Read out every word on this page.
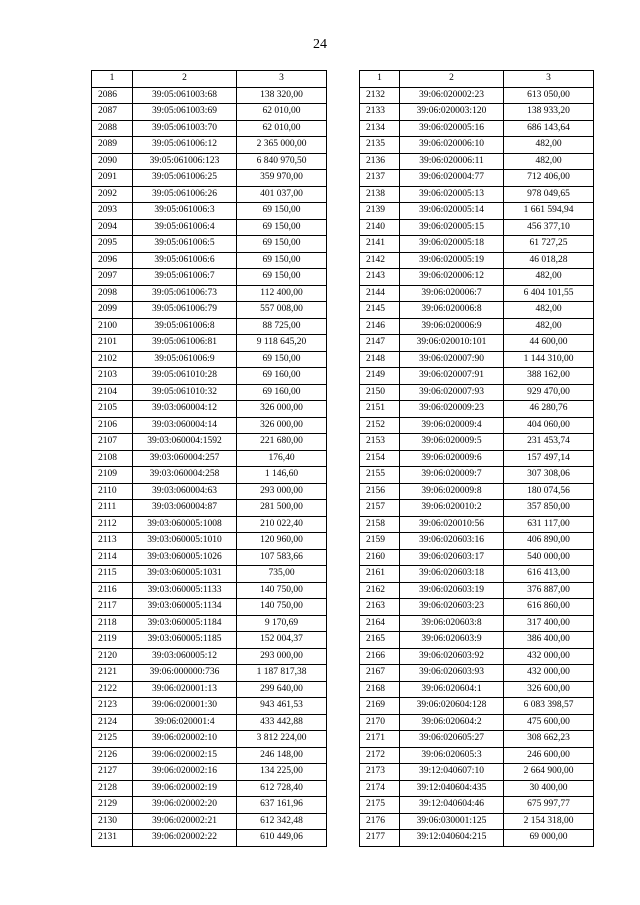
24
1	2	3
2086	39:05:061003:68	138 320,00
2087	39:05:061003:69	62 010,00
2088	39:05:061003:70	62 010,00
2089	39:05:061006:12	2 365 000,00
2090	39:05:061006:123	6 840 970,50
2091	39:05:061006:25	359 970,00
2092	39:05:061006:26	401 037,00
2093	39:05:061006:3	69 150,00
2094	39:05:061006:4	69 150,00
2095	39:05:061006:5	69 150,00
2096	39:05:061006:6	69 150,00
2097	39:05:061006:7	69 150,00
2098	39:05:061006:73	112 400,00
2099	39:05:061006:79	557 008,00
2100	39:05:061006:8	88 725,00
2101	39:05:061006:81	9 118 645,20
2102	39:05:061006:9	69 150,00
2103	39:05:061010:28	69 160,00
2104	39:05:061010:32	69 160,00
2105	39:03:060004:12	326 000,00
2106	39:03:060004:14	326 000,00
2107	39:03:060004:1592	221 680,00
2108	39:03:060004:257	176,40
2109	39:03:060004:258	1 146,60
2110	39:03:060004:63	293 000,00
2111	39:03:060004:87	281 500,00
2112	39:03:060005:1008	210 022,40
2113	39:03:060005:1010	120 960,00
2114	39:03:060005:1026	107 583,66
2115	39:03:060005:1031	735,00
2116	39:03:060005:1133	140 750,00
2117	39:03:060005:1134	140 750,00
2118	39:03:060005:1184	9 170,69
2119	39:03:060005:1185	152 004,37
2120	39:03:060005:12	293 000,00
2121	39:06:000000:736	1 187 817,38
2122	39:06:020001:13	299 640,00
2123	39:06:020001:30	943 461,53
2124	39:06:020001:4	433 442,88
2125	39:06:020002:10	3 812 224,00
2126	39:06:020002:15	246 148,00
2127	39:06:020002:16	134 225,00
2128	39:06:020002:19	612 728,40
2129	39:06:020002:20	637 161,96
2130	39:06:020002:21	612 342,48
2131	39:06:020002:22	610 449,06
1	2	3
2132	39:06:020002:23	613 050,00
2133	39:06:020003:120	138 933,20
2134	39:06:020005:16	686 143,64
2135	39:06:020006:10	482,00
2136	39:06:020006:11	482,00
2137	39:06:020004:77	712 406,00
2138	39:06:020005:13	978 049,65
2139	39:06:020005:14	1 661 594,94
2140	39:06:020005:15	456 377,10
2141	39:06:020005:18	61 727,25
2142	39:06:020005:19	46 018,28
2143	39:06:020006:12	482,00
2144	39:06:020006:7	6 404 101,55
2145	39:06:020006:8	482,00
2146	39:06:020006:9	482,00
2147	39:06:020010:101	44 600,00
2148	39:06:020007:90	1 144 310,00
2149	39:06:020007:91	388 162,00
2150	39:06:020007:93	929 470,00
2151	39:06:020009:23	46 280,76
2152	39:06:020009:4	404 060,00
2153	39:06:020009:5	231 453,74
2154	39:06:020009:6	157 497,14
2155	39:06:020009:7	307 308,06
2156	39:06:020009:8	180 074,56
2157	39:06:020010:2	357 850,00
2158	39:06:020010:56	631 117,00
2159	39:06:020603:16	406 890,00
2160	39:06:020603:17	540 000,00
2161	39:06:020603:18	616 413,00
2162	39:06:020603:19	376 887,00
2163	39:06:020603:23	616 860,00
2164	39:06:020603:8	317 400,00
2165	39:06:020603:9	386 400,00
2166	39:06:020603:92	432 000,00
2167	39:06:020603:93	432 000,00
2168	39:06:020604:1	326 600,00
2169	39:06:020604:128	6 083 398,57
2170	39:06:020604:2	475 600,00
2171	39:06:020605:27	308 662,23
2172	39:06:020605:3	246 600,00
2173	39:12:040607:10	2 664 900,00
2174	39:12:040604:435	30 400,00
2175	39:12:040604:46	675 997,77
2176	39:06:030001:125	2 154 318,00
2177	39:12:040604:215	69 000,00
